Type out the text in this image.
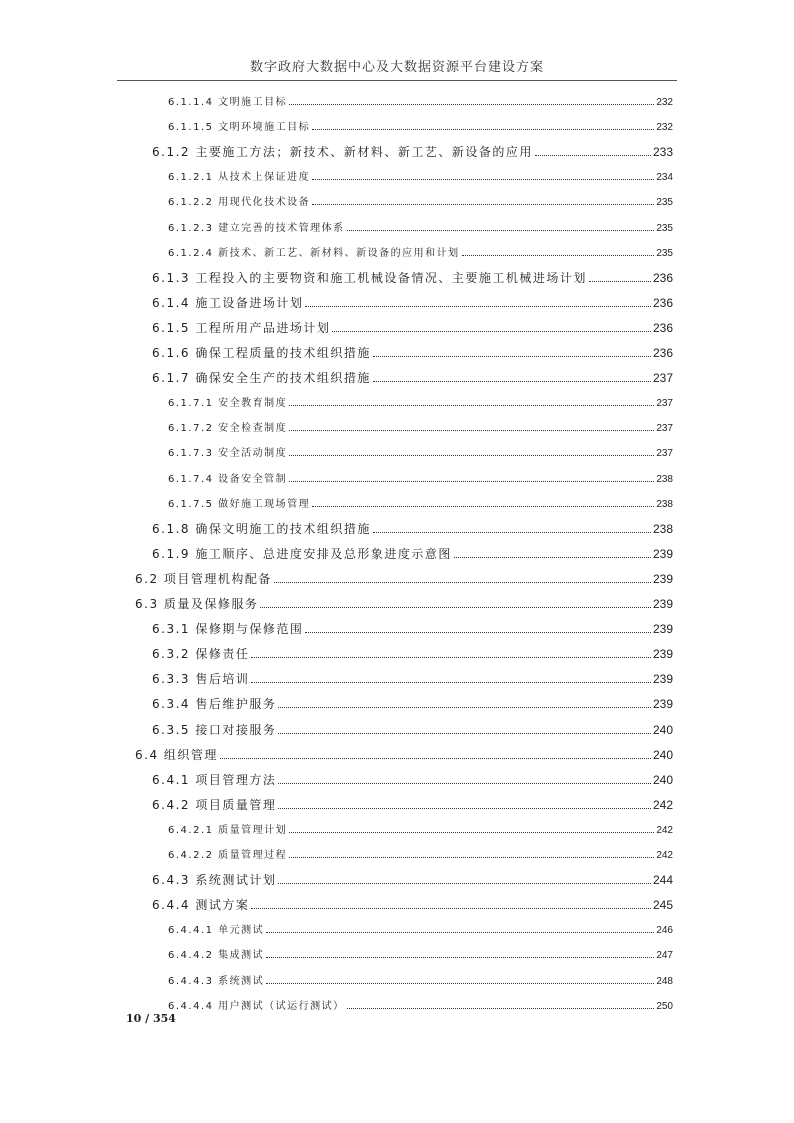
数字政府大数据中心及大数据资源平台建设方案
6.1.1.4 文明施工目标	232
6.1.1.5 文明环境施工目标	232
6.1.2 主要施工方法；新技术、新材料、新工艺、新设备的应用	233
6.1.2.1 从技术上保证进度	234
6.1.2.2 用现代化技术设备	235
6.1.2.3 建立完善的技术管理体系	235
6.1.2.4 新技术、新工艺、新材料、新设备的应用和计划	235
6.1.3 工程投入的主要物资和施工机械设备情况、主要施工机械进场计划	236
6.1.4 施工设备进场计划	236
6.1.5 工程所用产品进场计划	236
6.1.6 确保工程质量的技术组织措施	236
6.1.7 确保安全生产的技术组织措施	237
6.1.7.1 安全教育制度	237
6.1.7.2 安全检查制度	237
6.1.7.3 安全活动制度	237
6.1.7.4 设备安全管制	238
6.1.7.5 做好施工现场管理	238
6.1.8 确保文明施工的技术组织措施	238
6.1.9 施工顺序、总进度安排及总形象进度示意图	239
6.2 项目管理机构配备	239
6.3 质量及保修服务	239
6.3.1 保修期与保修范围	239
6.3.2 保修责任	239
6.3.3 售后培训	239
6.3.4 售后维护服务	239
6.3.5 接口对接服务	240
6.4 组织管理	240
6.4.1 项目管理方法	240
6.4.2 项目质量管理	242
6.4.2.1 质量管理计划	242
6.4.2.2 质量管理过程	242
6.4.3 系统测试计划	244
6.4.4 测试方案	245
6.4.4.1 单元测试	246
6.4.4.2 集成测试	247
6.4.4.3 系统测试	248
6.4.4.4 用户测试（试运行测试）	250
10 / 354
